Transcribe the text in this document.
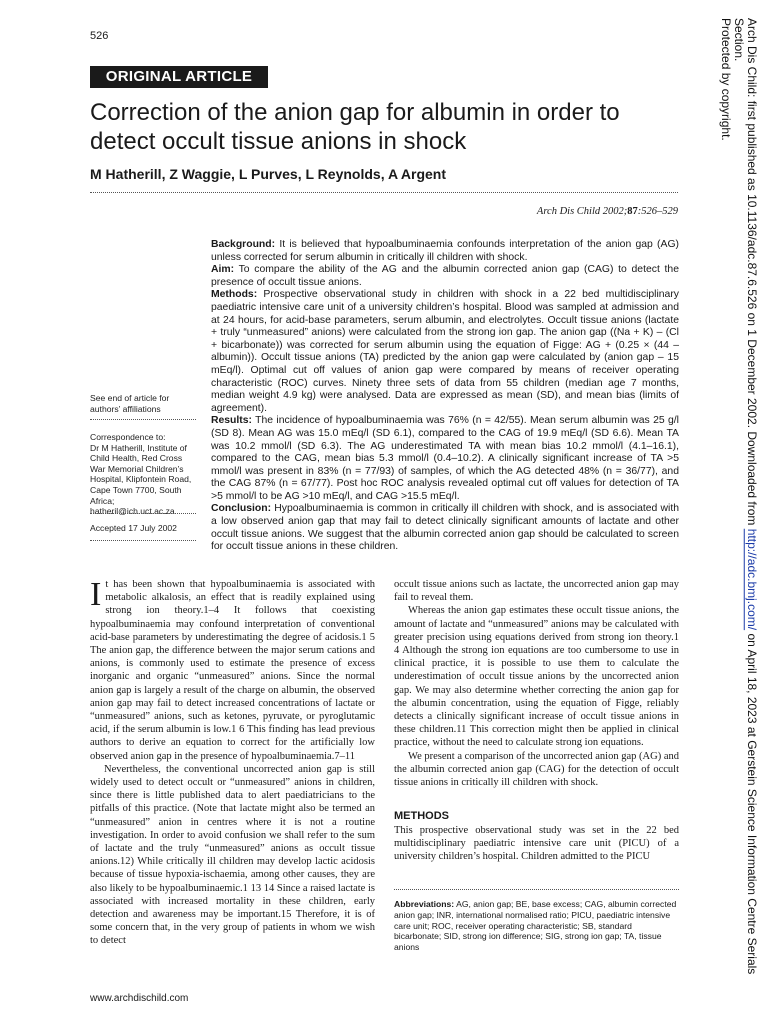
526
ORIGINAL ARTICLE
Correction of the anion gap for albumin in order to detect occult tissue anions in shock
M Hatherill, Z Waggie, L Purves, L Reynolds, A Argent
Arch Dis Child 2002;87:526–529

Background: It is believed that hypoalbuminaemia confounds interpretation of the anion gap (AG) unless corrected for serum albumin in critically ill children with shock.

Aim: To compare the ability of the AG and the albumin corrected anion gap (CAG) to detect the presence of occult tissue anions.

Methods: Prospective observational study in children with shock in a 22 bed multidisciplinary paediatric intensive care unit of a university children’s hospital. Blood was sampled at admission and at 24 hours, for acid-base parameters, serum albumin, and electrolytes. Occult tissue anions (lactate + truly “unmeasured” anions) were calculated from the strong ion gap. The anion gap ((Na + K) – (Cl + bicarbonate)) was corrected for serum albumin using the equation of Figge: AG + (0.25 × (44 – albumin)). Occult tissue anions (TA) predicted by the anion gap were calculated by (anion gap – 15 mEq/l). Optimal cut off values of anion gap were compared by means of receiver operating characteristic (ROC) curves. Ninety three sets of data from 55 children (median age 7 months, median weight 4.9 kg) were analysed. Data are expressed as mean (SD), and mean bias (limits of agreement).

Results: The incidence of hypoalbuminaemia was 76% (n = 42/55). Mean serum albumin was 25 g/l (SD 8). Mean AG was 15.0 mEq/l (SD 6.1), compared to the CAG of 19.9 mEq/l (SD 6.6). Mean TA was 10.2 mmol/l (SD 6.3). The AG underestimated TA with mean bias 10.2 mmol/l (4.1–16.1), compared to the CAG, mean bias 5.3 mmol/l (0.4–10.2). A clinically significant increase of TA >5 mmol/l was present in 83% (n = 77/93) of samples, of which the AG detected 48% (n = 36/77), and the CAG 87% (n = 67/77). Post hoc ROC analysis revealed optimal cut off values for detection of TA >5 mmol/l to be AG >10 mEq/l, and CAG >15.5 mEq/l.

Conclusion: Hypoalbuminaemia is common in critically ill children with shock, and is associated with a low observed anion gap that may fail to detect clinically significant amounts of lactate and other occult tissue anions. We suggest that the albumin corrected anion gap should be calculated to screen for occult tissue anions in these children.

See end of article for authors’ affiliations
Correspondence to:
Dr M Hatherill, Institute of Child Health, Red Cross War Memorial Children’s Hospital, Klipfontein Road, Cape Town 7700, South Africa;
hatheril@ich.uct.ac.za
Accepted 17 July 2002

It has been shown that hypoalbuminaemia is associated with metabolic alkalosis, an effect that is readily explained using strong ion theory.1–4 It follows that coexisting hypoalbuminaemia may confound interpretation of conventional acid-base parameters by underestimating the degree of acidosis.1 5 The anion gap, the difference between the major serum cations and anions, is commonly used to estimate the presence of excess inorganic and organic “unmeasured” anions. Since the normal anion gap is largely a result of the charge on albumin, the observed anion gap may fail to detect increased concentrations of lactate or “unmeasured” anions, such as ketones, pyruvate, or pyroglutamic acid, if the serum albumin is low.1 6 This finding has lead previous authors to derive an equation to correct for the artificially low observed anion gap in the presence of hypoalbuminaemia.7–11

Nevertheless, the conventional uncorrected anion gap is still widely used to detect occult or “unmeasured” anions in children, since there is little published data to alert paediatricians to the pitfalls of this practice. (Note that lactate might also be termed an “unmeasured” anion in centres where it is not a routine investigation. In order to avoid confusion we shall refer to the sum of lactate and the truly “unmeasured” anions as occult tissue anions.12) While critically ill children may develop lactic acidosis because of tissue hypoxia-ischaemia, among other causes, they are also likely to be hypoalbuminaemic.1 13 14 Since a raised lactate is associated with increased mortality in these children, early detection and awareness may be important.15 Therefore, it is of some concern that, in the very group of patients in whom we wish to detect

occult tissue anions such as lactate, the uncorrected anion gap may fail to reveal them.

Whereas the anion gap estimates these occult tissue anions, the amount of lactate and “unmeasured” anions may be calculated with greater precision using equations derived from strong ion theory.1 4 Although the strong ion equations are too cumbersome to use in clinical practice, it is possible to use them to calculate the underestimation of occult tissue anions by the uncorrected anion gap. We may also determine whether correcting the anion gap for the albumin concentration, using the equation of Figge, reliably detects a clinically significant increase of occult tissue anions in these children.11 This correction might then be applied in clinical practice, without the need to calculate strong ion equations.

We present a comparison of the uncorrected anion gap (AG) and the albumin corrected anion gap (CAG) for the detection of occult tissue anions in critically ill children with shock.

METHODS
This prospective observational study was set in the 22 bed multidisciplinary paediatric intensive care unit (PICU) of a university children’s hospital. Children admitted to the PICU
Abbreviations: AG, anion gap; BE, base excess; CAG, albumin corrected anion gap; INR, international normalised ratio; PICU, paediatric intensive care unit; ROC, receiver operating characteristic; SB, standard bicarbonate; SID, strong ion difference; SIG, strong ion gap; TA, tissue anions
www.archdischild.com
Arch Dis Child: first published as 10.1136/adc.87.6.526 on 1 December 2002. Downloaded from http://adc.bmj.com/ on April 18, 2023 at Gerstein Science Information Centre Serials Section.
Protected by copyright.
